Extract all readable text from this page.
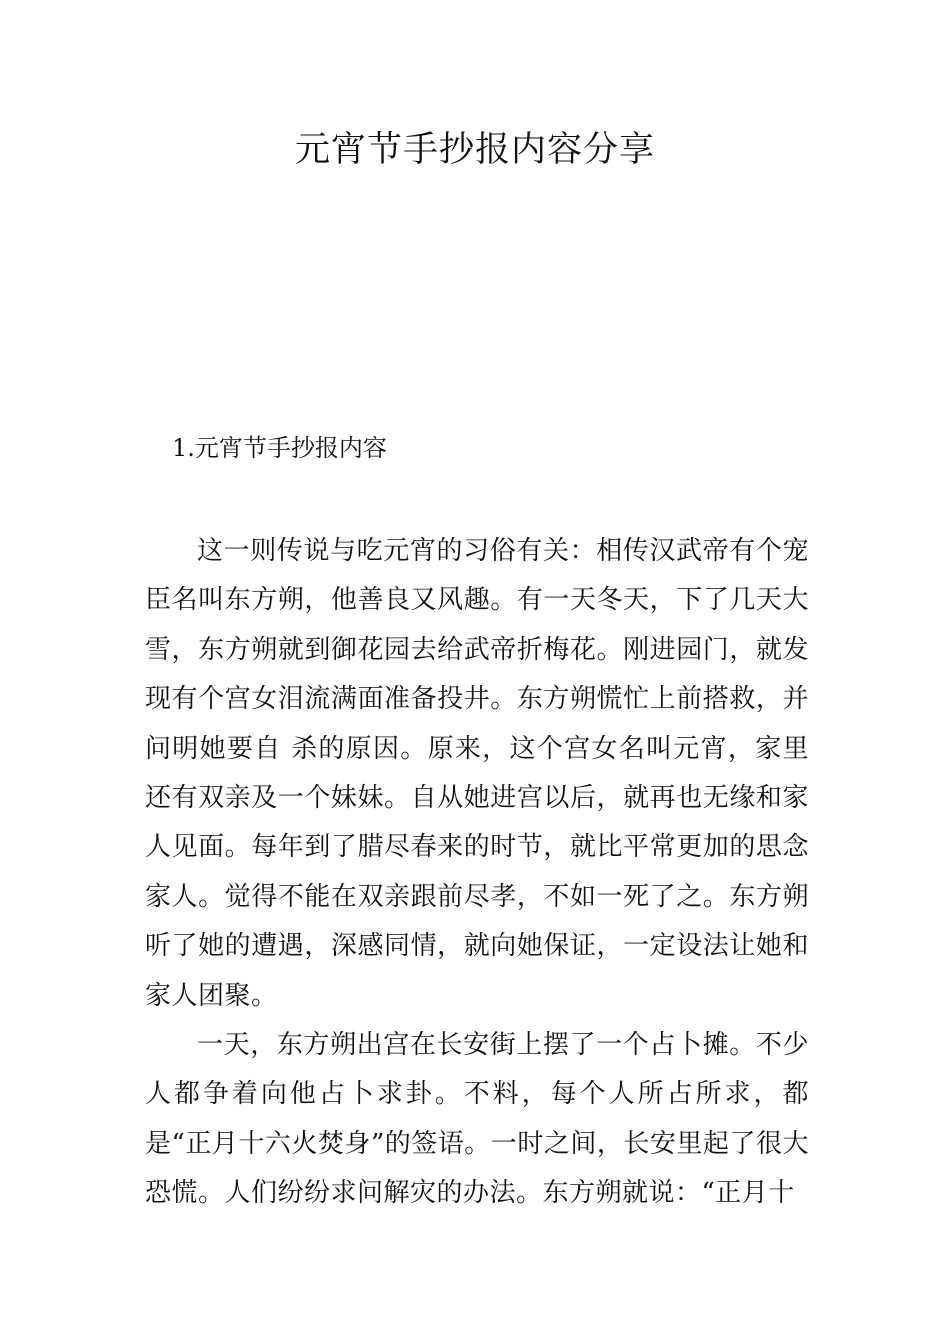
元宵节手抄报内容分享
1.元宵节手抄报内容

这一则传说与吃元宵的习俗有关：相传汉武帝有个宠臣名叫东方朔，他善良又风趣。有一天冬天，下了几天大雪，东方朔就到御花园去给武帝折梅花。刚进园门，就发现有个宫女泪流满面准备投井。东方朔慌忙上前搭救，并问明她要自 杀的原因。原来，这个宫女名叫元宵，家里还有双亲及一个妹妹。自从她进宫以后，就再也无缘和家人见面。每年到了腊尽春来的时节，就比平常更加的思念家人。觉得不能在双亲跟前尽孝，不如一死了之。东方朔听了她的遭遇，深感同情，就向她保证，一定设法让她和家人团聚。

一天，东方朔出宫在长安街上摆了一个占卜摊。不少人都争着向他占卜求卦。不料，每个人所占所求，都是“正月十六火焚身”的签语。一时之间，长安里起了很大恐慌。人们纷纷求问解灾的办法。东方朔就说：“正月十
